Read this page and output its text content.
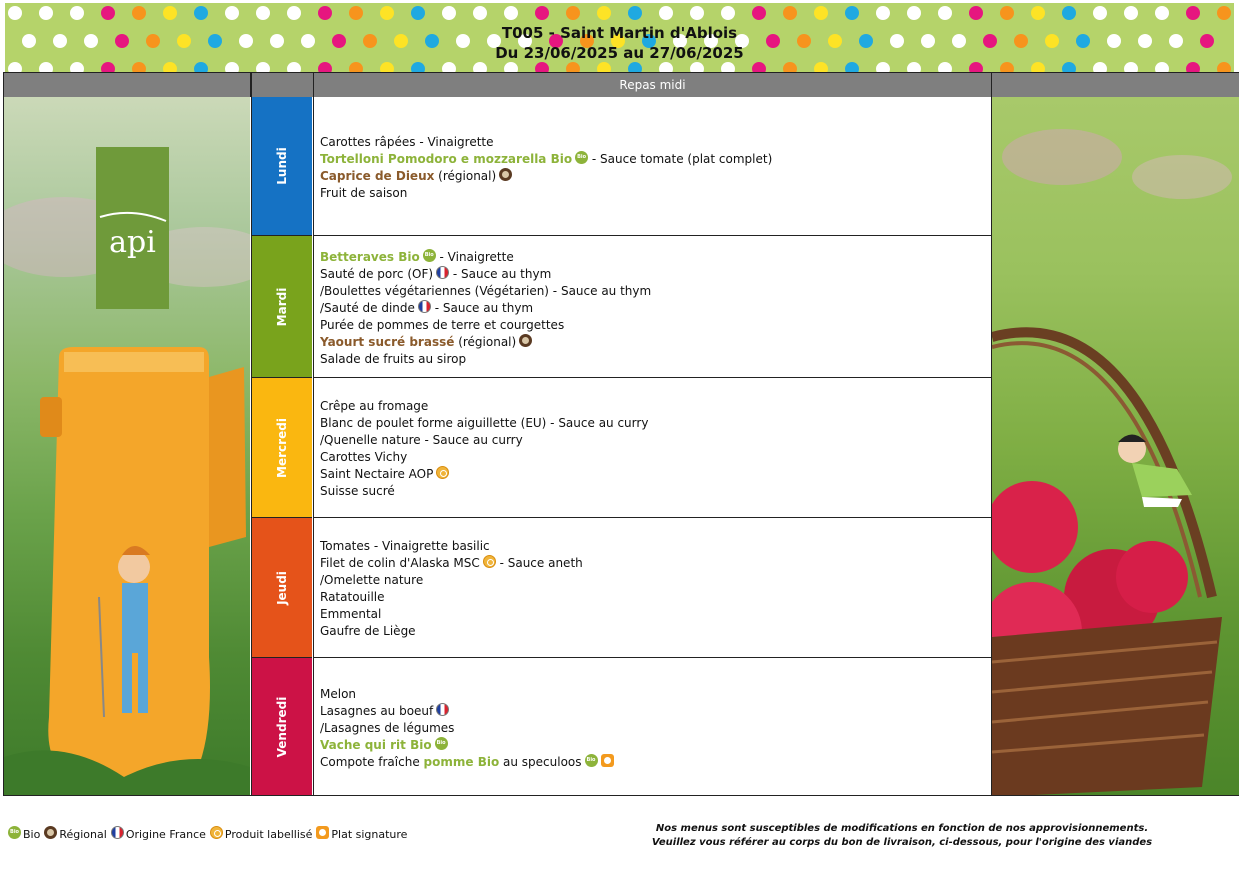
T005 - Saint Martin d'Ablois
Du 23/06/2025 au 27/06/2025
Repas midi
api
Lundi
Mardi
Mercredi
Jeudi
Vendredi
Carottes râpées - Vinaigrette
Tortelloni Pomodoro e mozzarella BioBio - Sauce tomate (plat complet)
Caprice de Dieux (régional)
Fruit de saison
Betteraves BioBio - Vinaigrette
Sauté de porc (OF) - Sauce au thym
/Boulettes végétariennes (Végétarien) - Sauce au thym
/Sauté de dinde - Sauce au thym
Purée de pommes de terre et courgettes
Yaourt sucré brassé (régional)
Salade de fruits au sirop
Crêpe au fromage
Blanc de poulet forme aiguillette (EU) - Sauce au curry
/Quenelle nature - Sauce au curry
Carottes Vichy
Saint Nectaire AOP
Suisse sucré
Tomates - Vinaigrette basilic
Filet de colin d'Alaska MSC - Sauce aneth
/Omelette nature
Ratatouille
Emmental
Gaufre de Liège
Melon
Lasagnes au boeuf
/Lasagnes de légumes
Vache qui rit BioBio
Compote fraîche pomme Bio au speculoosBio
BioBio Régional Origine France Produit labellisé Plat signature	Nos menus sont susceptibles de modifications en fonction de nos approvisionnements.
Veuillez vous référer au corps du bon de livraison, ci-dessous, pour l'origine des viandes
